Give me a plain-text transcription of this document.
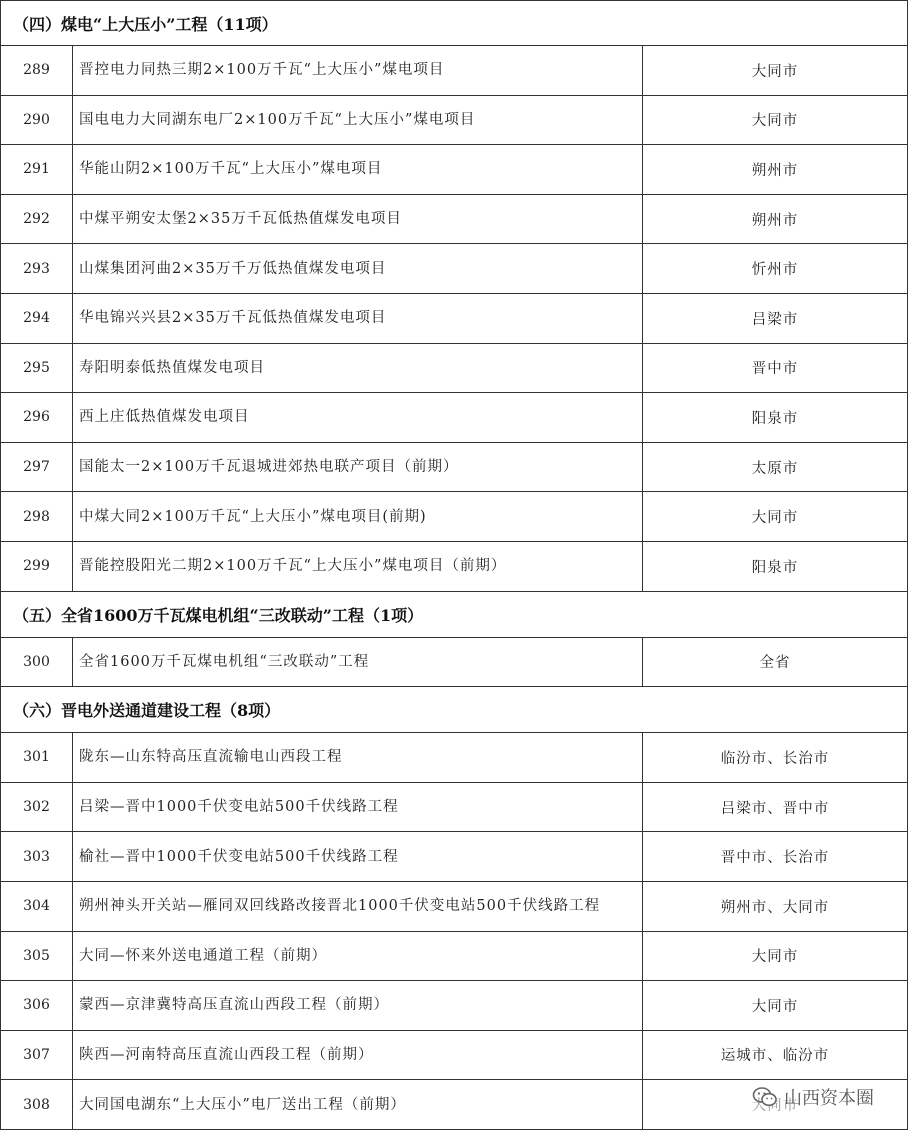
（四）煤电“上大压小”工程（11项）
289	晋控电力同热三期2×100万千瓦“上大压小”煤电项目	大同市
290	国电电力大同湖东电厂2×100万千瓦“上大压小”煤电项目	大同市
291	华能山阴2×100万千瓦“上大压小”煤电项目	朔州市
292	中煤平朔安太堡2×35万千瓦低热值煤发电项目	朔州市
293	山煤集团河曲2×35万千万低热值煤发电项目	忻州市
294	华电锦兴兴县2×35万千瓦低热值煤发电项目	吕梁市
295	寿阳明泰低热值煤发电项目	晋中市
296	西上庄低热值煤发电项目	阳泉市
297	国能太一2×100万千瓦退城进郊热电联产项目（前期）	太原市
298	中煤大同2×100万千瓦“上大压小”煤电项目(前期)	大同市
299	晋能控股阳光二期2×100万千瓦“上大压小”煤电项目（前期）	阳泉市
（五）全省1600万千瓦煤电机组“三改联动”工程（1项）
300	全省1600万千瓦煤电机组“三改联动”工程	全省
（六）晋电外送通道建设工程（8项）
301	陇东—山东特高压直流输电山西段工程	临汾市、长治市
302	吕梁—晋中1000千伏变电站500千伏线路工程	吕梁市、晋中市
303	榆社—晋中1000千伏变电站500千伏线路工程	晋中市、长治市
304	朔州神头开关站—雁同双回线路改接晋北1000千伏变电站500千伏线路工程	朔州市、大同市
305	大同—怀来外送电通道工程（前期）	大同市
306	蒙西—京津冀特高压直流山西段工程（前期）	大同市
307	陕西—河南特高压直流山西段工程（前期）	运城市、临汾市
308	大同国电湖东“上大压小”电厂送出工程（前期）	山西资本圈
